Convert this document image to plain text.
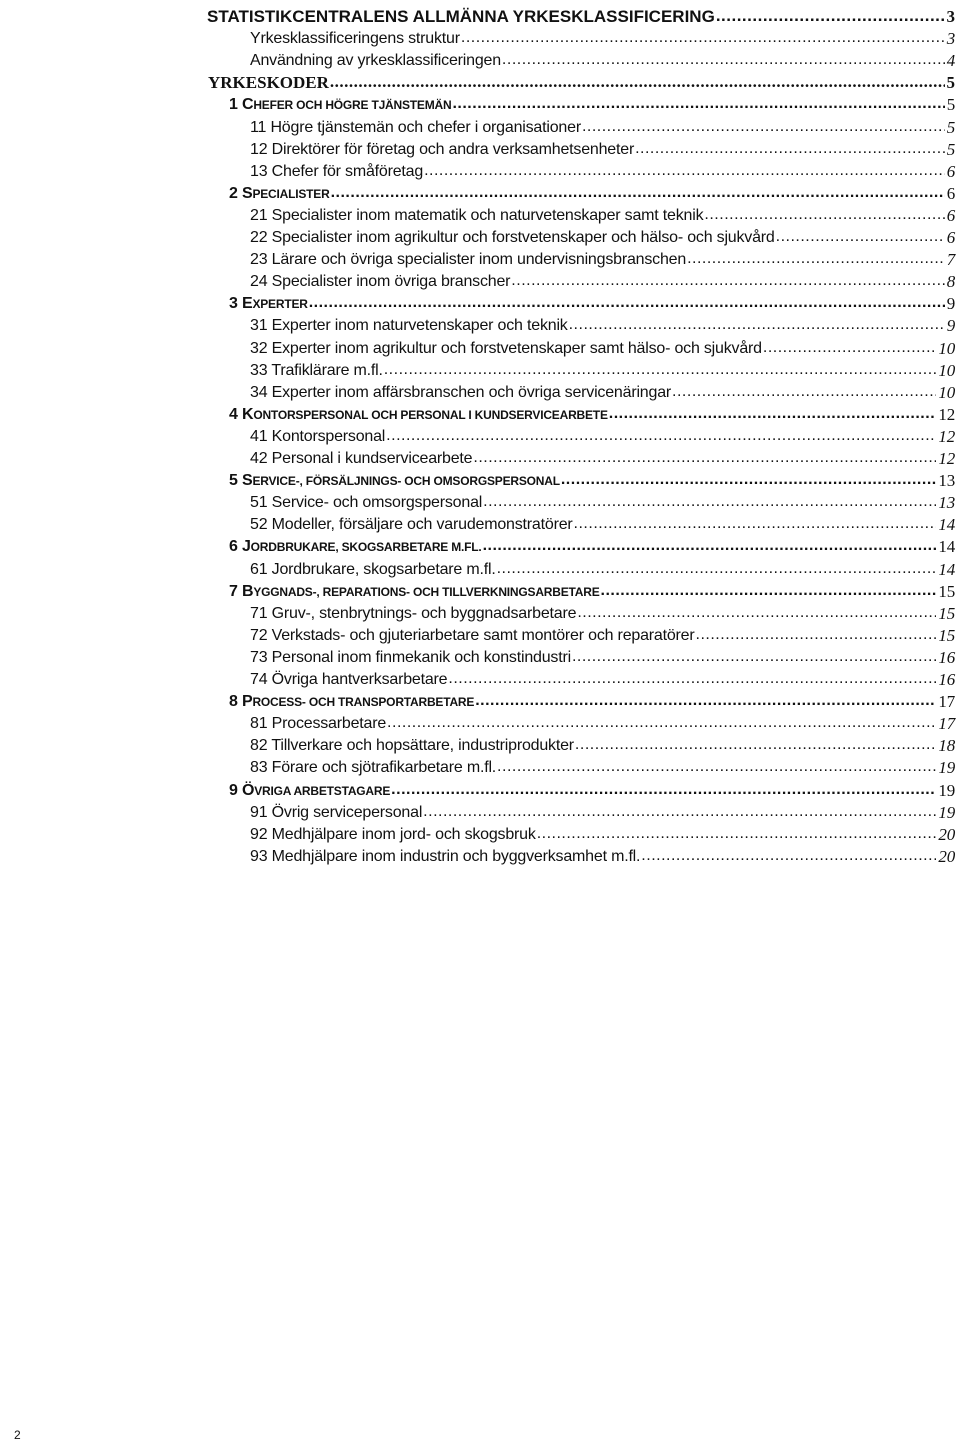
STATISTIKCENTRALENS ALLMÄNNA YRKESKLASSIFICERING .....	3
Yrkesklassificeringens struktur .....	3
Användning av yrkesklassificeringen .....	4
YRKESKODER .....	5
1 CHEFER OCH HÖGRE TJÄNSTEMÄN .....	5
11 Högre tjänstemän och chefer i organisationer .....	5
12 Direktörer för företag och andra verksamhetsenheter .....	5
13 Chefer för småföretag .....	6
2 SPECIALISTER .....	6
21 Specialister inom matematik och naturvetenskaper samt teknik .....	6
22 Specialister inom agrikultur och forstvetenskaper och hälso- och sjukvård .....	6
23 Lärare och övriga specialister inom undervisningsbranschen .....	7
24 Specialister inom övriga branscher .....	8
3 EXPERTER .....	9
31 Experter inom naturvetenskaper och teknik .....	9
32 Experter inom agrikultur och forstvetenskaper samt hälso- och sjukvård .....	10
33 Trafiklärare m.fl. .....	10
34 Experter inom affärsbranschen och övriga servicenäringar .....	10
4 KONTORSPERSONAL OCH PERSONAL I KUNDSERVICEARBETE .....	12
41 Kontorspersonal .....	12
42 Personal i kundservicearbete .....	12
5 SERVICE-, FÖRSÄLJNINGS- OCH OMSORGSPERSONAL .....	13
51 Service- och omsorgspersonal .....	13
52 Modeller, försäljare och varudemonstratörer .....	14
6 JORDBRUKARE, SKOGSARBETARE M.FL. .....	14
61 Jordbrukare, skogsarbetare m.fl. .....	14
7 BYGGNADS-, REPARATIONS- OCH TILLVERKNINGSARBETARE .....	15
71 Gruv-, stenbrytnings- och byggnadsarbetare .....	15
72 Verkstads- och gjuteriarbetare samt montörer och reparatörer .....	15
73 Personal inom finmekanik och konstindustri .....	16
74 Övriga hantverksarbetare .....	16
8 PROCESS- OCH TRANSPORTARBETARE .....	17
81 Processarbetare .....	17
82 Tillverkare och hopsättare, industriprodukter .....	18
83 Förare och sjötrafikarbetare m.fl. .....	19
9 ÖVRIGA ARBETSTAGARE .....	19
91 Övrig servicepersonal .....	19
92 Medhjälpare inom jord- och skogsbruk .....	20
93 Medhjälpare inom industrin och byggverksamhet m.fl. .....	20
2
